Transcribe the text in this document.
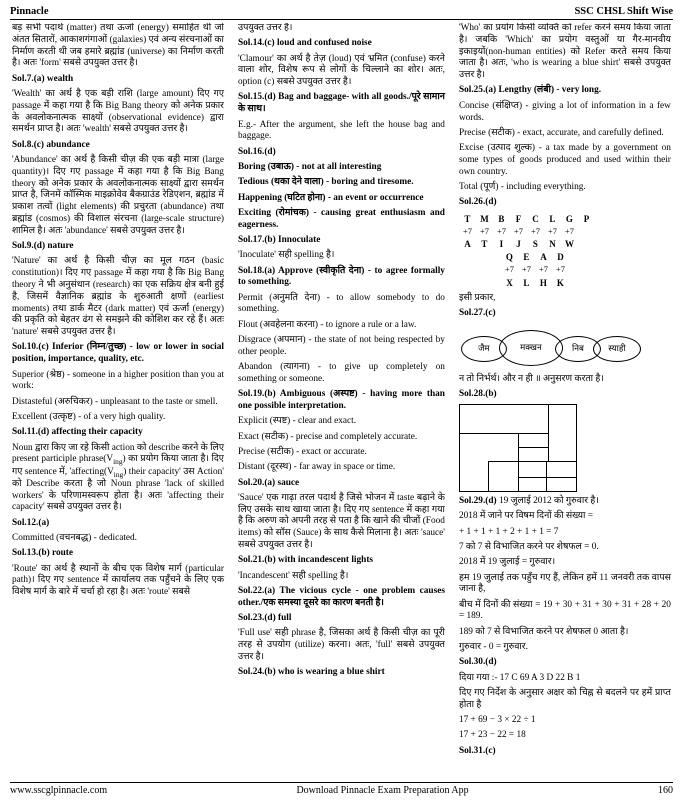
Pinnacle	SSC CHSL Shift Wise

बड़ सभी पदार्थ (matter) तथा ऊर्जा (energy) समाहित थी जो अंतत सितारों, आकाशगंगाओं (galaxies) एवं अन्य संरचनाओं का निर्माण करती थी जब हमारे ब्रह्मांड (universe) का निर्माण करती है। अतः 'form' सबसे उपयुक्त उत्तर है।

Sol.7.(a) wealth

'Wealth' का अर्थ है एक बड़ी राशि (large amount) दिए गए passage में कहा गया है कि Big Bang theory को अनेक प्रकार के अवलोकनात्मक साक्ष्यों (observational evidence) द्वारा समर्थन प्राप्त है। अतः 'wealth' सबसे उपयुक्त उत्तर है।

Sol.8.(c) abundance

'Abundance' का अर्थ है किसी चीज़ की एक बड़ी मात्रा (large quantity)। दिए गए passage में कहा गया है कि Big Bang theory को अनेक प्रकार के अवलोकनात्मक साक्ष्यों द्वारा समर्थन प्राप्त है, जिनमें कॉस्मिक माइक्रोवेव बैकग्राउंड रेडिएशन, ब्रह्मांड में प्रकाश तत्वों (light elements) की प्रचुरता (abundance) तथा ब्रह्मांड (cosmos) की विशाल संरचना (large-scale structure) शामिल है। अतः 'abundance' सबसे उपयुक्त उत्तर है।

Sol.9.(d) nature

'Nature' का अर्थ है किसी चीज़ का मूल गठन (basic constitution)। दिए गए passage में कहा गया है कि Big Bang theory ने भी अनुसंधान (research) का एक सक्रिय क्षेत्र बनी हुई है, जिसमें वैज्ञानिक ब्रह्मांड के शुरुआती क्षणों (earliest moments) तथा डार्क मैटर (dark matter) एवं ऊर्जा (energy) की प्रकृति को बेहतर ढंग से समझने की कोशिश कर रहे हैं। अतः 'nature' सबसे उपयुक्त उत्तर है।

Sol.10.(c) Inferior (निम्न/तुच्छ) - low or lower in social position, importance, quality, etc.

Superior (श्रेष्ठ) - someone in a higher position than you at work:

Distasteful (अरुचिकर) - unpleasant to the taste or smell.

Excellent (उत्कृष्ट) - of a very high quality.

Sol.11.(d) affecting their capacity

Noun द्वारा किए जा रहे किसी action को describe करने के लिए present participle $phrase(V_{ing})$ का प्रयोग किया जाता है। दिए गए sentence में, '$affecting(V_{ing})$ their capacity' उस Action' को Describe करता है जो Noun phrase 'lack of skilled workers' के परिणामस्वरूप होता है। अतः 'affecting their capacity' सबसे उपयुक्त उत्तर है।

Sol.12.(a)

Committed (वचनबद्ध) - dedicated.

Sol.13.(b) route

'Route' का अर्थ है स्थानों के बीच एक विशेष मार्ग (particular path)। दिए गए sentence में कार्यालय तक पहुँचने के लिए एक विशेष मार्ग के बारे में चर्चा हो रहा है। अतः 'route' सबसे

उपयुक्त उत्तर है।

Sol.14.(c) loud and confused noise

'Clamour' का अर्थ है तेज़ (loud) एवं भ्रमित (confuse) करने वाला शोर, विशेष रूप से लोगों के चिल्लाने का शोर। अतः, option (c) सबसे उपयुक्त उत्तर है।

Sol.15.(d) Bag and baggage- with all goods./पूरे सामान के साथ।

E.g.- After the argument, she left the house bag and baggage.

Sol.16.(d)

Boring (उबाऊ) - not at all interesting

Tedious (थका देने वाला) - boring and tiresome.

Happening (घटित होना) - an event or occurrence

Exciting (रोमांचक) - causing great enthusiasm and eagerness.

Sol.17.(b) Innoculate

'Inoculate' सही spelling है।

Sol.18.(a) Approve (स्वीकृति देना) - to agree formally to something.

Permit (अनुमति देना) - to allow somebody to do something.

Flout (अवहेलना करना) - to ignore a rule or a law.

Disgrace (अपमान) - the state of not being respected by other people.

Abandon (त्यागना) - to give up completely on something or someone.

Sol.19.(b) Ambiguous (अस्पष्ट) - having more than one possible interpretation.

Explicit (स्पष्ट) - clear and exact.

Exact (सटीक) - precise and completely accurate.

Precise (सटीक) - exact or accurate.

Distant (दूरस्थ) - far away in space or time.

Sol.20.(a) sauce

'Sauce' एक गाढ़ा तरल पदार्थ है जिसे भोजन में taste बढ़ाने के लिए उसके साथ खाया जाता है। दिए गए sentence में कहा गया है कि अरुण को अपनी तरह से पता है कि खाने की चीजों (Food items) को सॉस (Sauce) के साथ कैसे मिलाना है। अतः 'sauce' सबसे उपयुक्त उत्तर है।

Sol.21.(b) with incandescent lights

'Incandescent' सही spelling है।

Sol.22.(a) The vicious cycle - one problem causes other./एक समस्या दूसरे का कारण बनती है।

Sol.23.(d) full

'Full use' सही phrase है, जिसका अर्थ है किसी चीज़ का पूरी तरह से उपयोग (utilize) करना। अतः, 'full' सबसे उपयुक्त उत्तर है।

Sol.24.(b) who is wearing a blue shirt

'Who' का प्रयोग किसी व्यक्ति को refer करने समय किया जाता है। जबकि 'Which' का प्रयोग वस्तुओं या गैर-मानवीय इकाइयों(non-human entities) को Refer करते समय किया जाता है। अतः, 'who is wearing a blue shirt' सबसे उपयुक्त उत्तर है।

Sol.25.(a) Lengthy (लंबी) - very long.

Concise (संक्षिप्त) - giving a lot of information in a few words.

Precise (सटीक) - exact, accurate, and carefully defined.

Excise (उत्पाद शुल्क) - a tax made by a government on some types of goods produced and used within their own country.

Total (पूर्ण) - including everything.

Sol.26.(d)

T	M	B	F	C	L	G	P
+7 +7 +7 +7 +7 +7 +7
A	T	I	J	S	N	W
Q	E	A	D
+7 +7 +7 +7
X	L	H	K

इसी प्रकार,

Sol.27.(c)

जैम	मक्खन	निब	स्याही

न तो निर्भर्थ। और न ही ॥ अनुसरण करता है।

Sol.28.(b)

Sol.29.(d) 19 जुलाई 2012 को गुरुवार है।

2018 में जाने पर विषम दिनों की संख्या =

+ 1 + 1 + 1 + 2 + 1 + 1 = 7

7 को 7 से विभाजित करने पर शेषफल = 0.

2018 में 19 जुलाई = गुरुवार।

हम 19 जुलाई तक पहुँच गए हैं, लेकिन हमें 11 जनवरी तक वापस जाना है,

बीच में दिनों की संख्या = 19 + 30 + 31 + 30 + 31 + 28 + 20 = 189.

189 को 7 से विभाजित करने पर शेषफल 0 आता है।

गुरुवार - 0 = गुरुवार.

Sol.30.(d)

दिया गया :- 17 C 69 A 3 D 22 B 1

दिए गए निर्देश के अनुसार अक्षर को चिह्न से बदलने पर हमें प्राप्त होता है

17 + 69 − 3 × 22 ÷ 1

17 + 23 − 22 = 18

Sol.31.(c)

www.sscglpinnacle.com	Download Pinnacle Exam Preparation App	160
